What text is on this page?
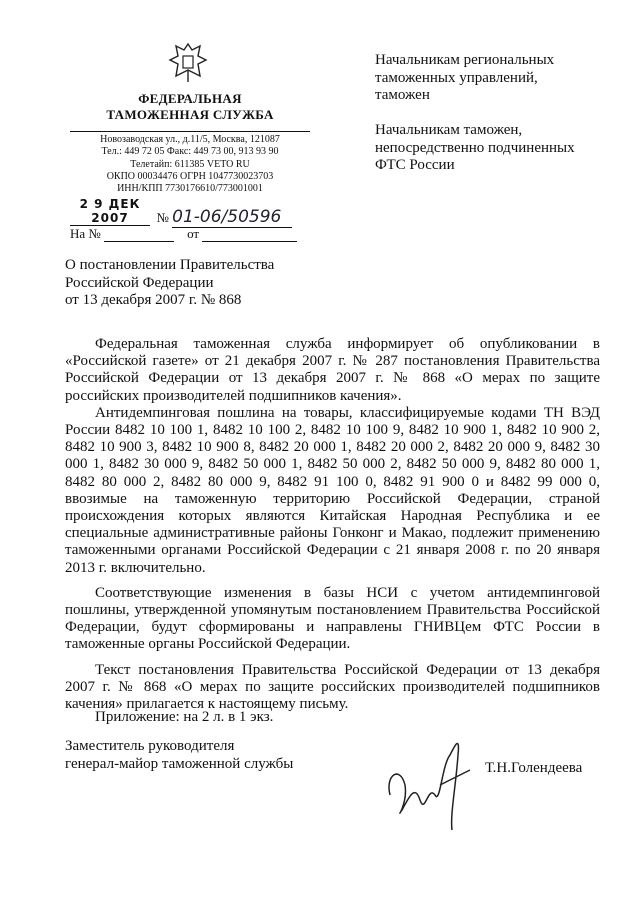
ФЕДЕРАЛЬНАЯ
ТАМОЖЕННАЯ СЛУЖБА
Новозаводская ул., д.11/5, Москва, 121087
Тел.: 449 72 05 Факс: 449 73 00, 913 93 90
Телетайп: 611385 VETO RU
ОКПО 00034476 ОГРН 1047730023703
ИНН/КПП 7730176610/773001001
2 9 ДЕК 2007 № 01-06/50596
На №	от
Начальникам региональных
таможенных управлений,
таможен
Начальникам таможен,
непосредственно подчиненных
ФТС России
О постановлении Правительства
Российской Федерации
от 13 декабря 2007 г. № 868

Федеральная таможенная служба информирует об опубликовании в «Российской газете» от 21 декабря 2007 г. № 287 постановления Правительства Российской Федерации от 13 декабря 2007 г. № 868 «О мерах по защите российских производителей подшипников качения».

Антидемпинговая пошлина на товары, классифицируемые кодами ТН ВЭД России 8482 10 100 1, 8482 10 100 2, 8482 10 100 9, 8482 10 900 1, 8482 10 900 2, 8482 10 900 3, 8482 10 900 8, 8482 20 000 1, 8482 20 000 2, 8482 20 000 9, 8482 30 000 1, 8482 30 000 9, 8482 50 000 1, 8482 50 000 2, 8482 50 000 9, 8482 80 000 1, 8482 80 000 2, 8482 80 000 9, 8482 91 100 0, 8482 91 900 0 и 8482 99 000 0, ввозимые на таможенную территорию Российской Федерации, страной происхождения которых являются Китайская Народная Республика и ее специальные административные районы Гонконг и Макао, подлежит применению таможенными органами Российской Федерации с 21 января 2008 г. по 20 января 2013 г. включительно.

Соответствующие изменения в базы НСИ с учетом антидемпинговой пошлины, утвержденной упомянутым постановлением Правительства Российской Федерации, будут сформированы и направлены ГНИВЦем ФТС России в таможенные органы Российской Федерации.

Текст постановления Правительства Российской Федерации от 13 декабря 2007 г. № 868 «О мерах по защите российских производителей подшипников качения» прилагается к настоящему письму.

Приложение: на 2 л. в 1 экз.
Заместитель руководителя
генерал-майор таможенной службы	Т.Н.Голендеева
